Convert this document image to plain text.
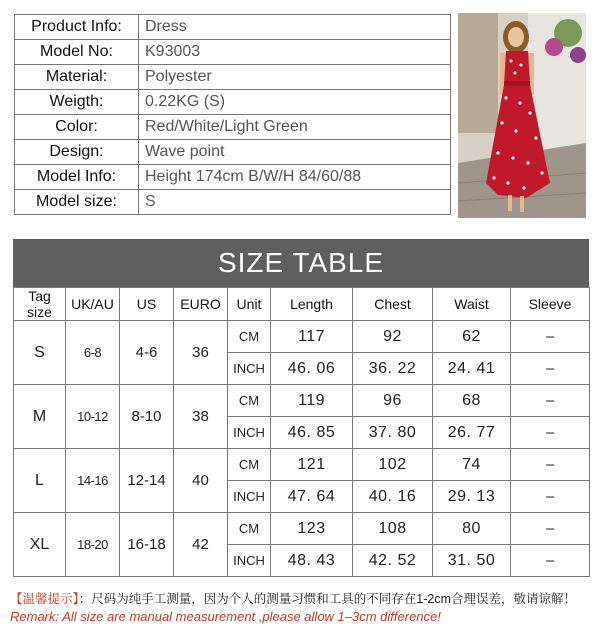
Product Info:	Dress
Model No:	K93003
Material:	Polyester
Weigth:	0.22KG (S)
Color:	Red/White/Light Green
Design:	Wave point
Model Info:	Height 174cm B/W/H 84/60/88
Model size:	S
SIZE TABLE
Tag size	UK/AU	US	EURO	Unit	Length	Chest	Waist	Sleeve
S	6-8	4-6	36	CM	117	92	62	–
				INCH	46. 06	36. 22	24. 41	–
M	10-12	8-10	38	CM	119	96	68	–
				INCH	46. 85	37. 80	26. 77	–
L	14-16	12-14	40	CM	121	102	74	–
				INCH	47. 64	40. 16	29. 13	–
XL	18-20	16-18	42	CM	123	108	80	–
				INCH	48. 43	42. 52	31. 50	–
【温馨提示】：尺码为纯手工测量，因为个人的测量习惯和工具的不同存在1-2cm合理误差，敬请谅解！
Remark: All size are manual measurement ,please allow 1–3cm difference!
